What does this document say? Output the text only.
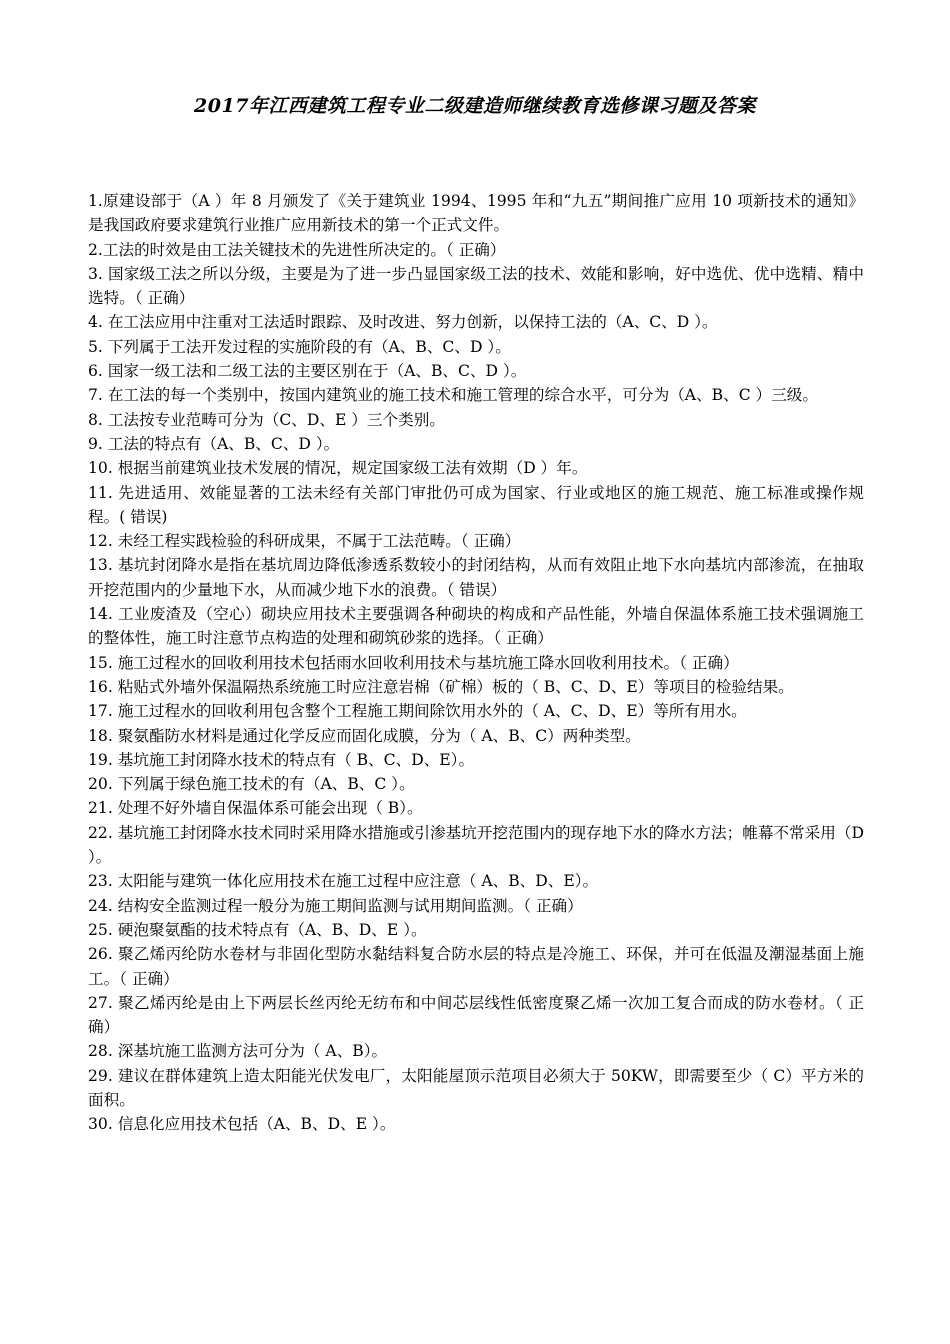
2017年江西建筑工程专业二级建造师继续教育选修课习题及答案

1.原建设部于（A ）年 8 月颁发了《关于建筑业 1994、1995 年和“九五”期间推广应用 10 项新技术的通知》是我国政府要求建筑行业推广应用新技术的第一个正式文件。

2.工法的时效是由工法关键技术的先进性所决定的。（ 正确）

3. 国家级工法之所以分级，主要是为了进一步凸显国家级工法的技术、效能和影响，好中选优、优中选精、精中选特。（ 正确）

4. 在工法应用中注重对工法适时跟踪、及时改进、努力创新，以保持工法的（A、C、D ）。

5. 下列属于工法开发过程的实施阶段的有（A、B、C、D ）。

6. 国家一级工法和二级工法的主要区别在于（A、B、C、D ）。

7. 在工法的每一个类别中，按国内建筑业的施工技术和施工管理的综合水平，可分为（A、B、C ）三级。

8. 工法按专业范畴可分为（C、D、E ）三个类别。

9. 工法的特点有（A、B、C、D ）。

10. 根据当前建筑业技术发展的情况，规定国家级工法有效期（D ）年。

11. 先进适用、效能显著的工法未经有关部门审批仍可成为国家、行业或地区的施工规范、施工标准或操作规程。( 错误)

12. 未经工程实践检验的科研成果，不属于工法范畴。（ 正确）

13. 基坑封闭降水是指在基坑周边降低渗透系数较小的封闭结构，从而有效阻止地下水向基坑内部渗流，在抽取开挖范围内的少量地下水，从而减少地下水的浪费。（ 错误）

14. 工业废渣及（空心）砌块应用技术主要强调各种砌块的构成和产品性能，外墙自保温体系施工技术强调施工的整体性，施工时注意节点构造的处理和砌筑砂浆的选择。（ 正确）

15. 施工过程水的回收利用技术包括雨水回收利用技术与基坑施工降水回收利用技术。（ 正确）

16. 粘贴式外墙外保温隔热系统施工时应注意岩棉（矿棉）板的（ B、C、D、E）等项目的检验结果。

17. 施工过程水的回收利用包含整个工程施工期间除饮用水外的（ A、C、D、E）等所有用水。

18. 聚氨酯防水材料是通过化学反应而固化成膜，分为（ A、B、C）两种类型。

19. 基坑施工封闭降水技术的特点有（ B、C、D、E）。

20. 下列属于绿色施工技术的有（A、B、C ）。

21. 处理不好外墙自保温体系可能会出现（ B）。

22. 基坑施工封闭降水技术同时采用降水措施或引渗基坑开挖范围内的现存地下水的降水方法；帷幕不常采用（D ）。

23. 太阳能与建筑一体化应用技术在施工过程中应注意（ A、B、D、E）。

24. 结构安全监测过程一般分为施工期间监测与试用期间监测。（ 正确）

25. 硬泡聚氨酯的技术特点有（A、B、D、E ）。

26. 聚乙烯丙纶防水卷材与非固化型防水黏结料复合防水层的特点是冷施工、环保，并可在低温及潮湿基面上施工。（ 正确）

27. 聚乙烯丙纶是由上下两层长丝丙纶无纺布和中间芯层线性低密度聚乙烯一次加工复合而成的防水卷材。（ 正确）

28. 深基坑施工监测方法可分为（ A、B）。

29. 建议在群体建筑上造太阳能光伏发电厂，太阳能屋顶示范项目必须大于 50KW，即需要至少（ C）平方米的面积。

30. 信息化应用技术包括（A、B、D、E ）。
